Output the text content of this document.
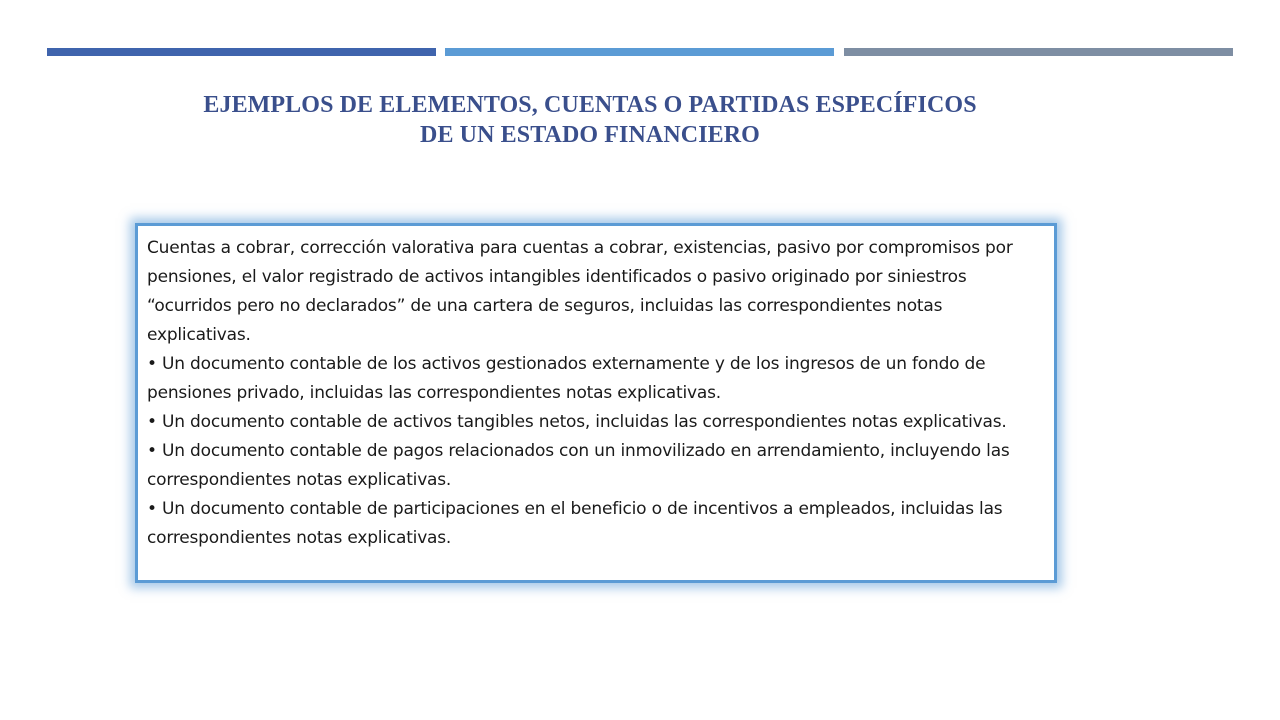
EJEMPLOS DE ELEMENTOS, CUENTAS O PARTIDAS ESPECÍFICOS
DE UN ESTADO FINANCIERO

Cuentas a cobrar, corrección valorativa para cuentas a cobrar, existencias, pasivo por compromisos por pensiones, el valor registrado de activos intangibles identificados o pasivo originado por siniestros “ocurridos pero no declarados” de una cartera de seguros, incluidas las correspondientes notas explicativas.

• Un documento contable de los activos gestionados externamente y de los ingresos de un fondo de pensiones privado, incluidas las correspondientes notas explicativas.

• Un documento contable de activos tangibles netos, incluidas las correspondientes notas explicativas.

• Un documento contable de pagos relacionados con un inmovilizado en arrendamiento, incluyendo las correspondientes notas explicativas.

• Un documento contable de participaciones en el beneficio o de incentivos a empleados, incluidas las correspondientes notas explicativas.
